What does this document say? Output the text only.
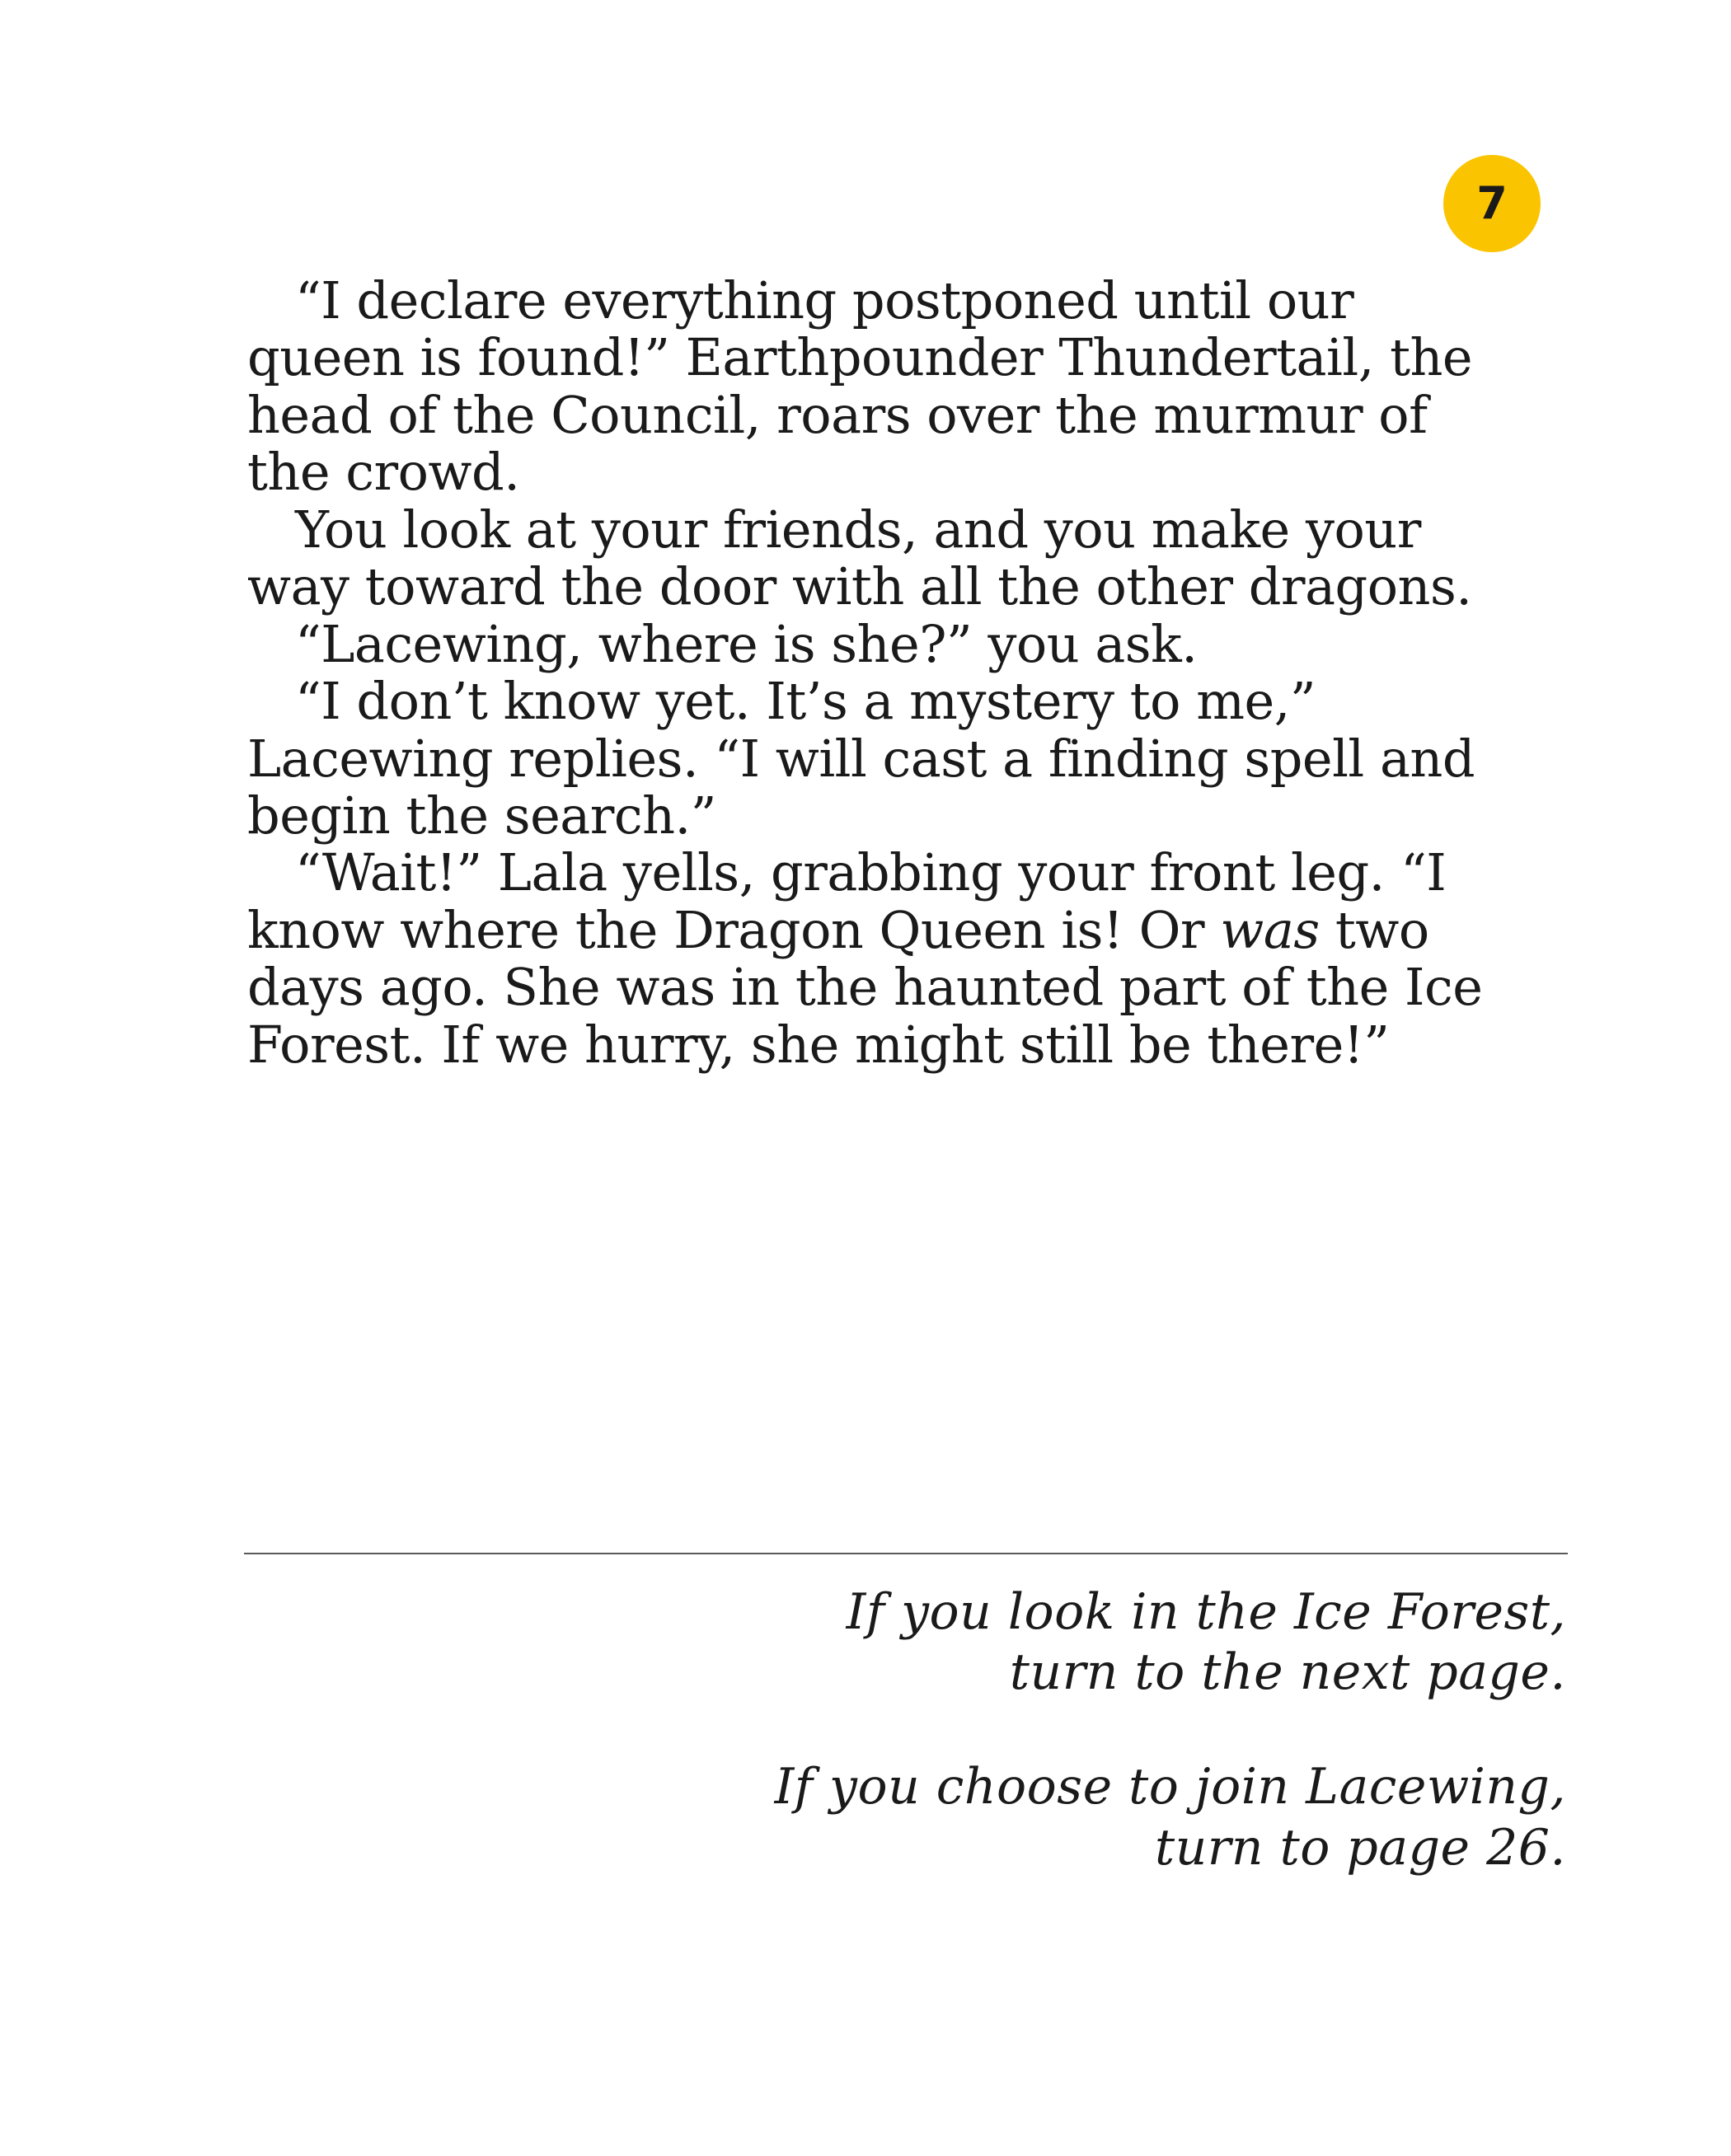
7

“I declare everything postponed until our queen is found!” Earthpounder Thundertail, the head of the Council, roars over the murmur of the crowd.

You look at your friends, and you make your way toward the door with all the other dragons.

“Lacewing, where is she?” you ask.

“I don’t know yet. It’s a mystery to me,” Lacewing replies. “I will cast a finding spell and begin the search.”

“Wait!” Lala yells, grabbing your front leg. “I know where the Dragon Queen is! Or was two days ago. She was in the haunted part of the Ice Forest. If we hurry, she might still be there!”

If you look in the Ice Forest,
turn to the next page.
If you choose to join Lacewing,
turn to page 26.
